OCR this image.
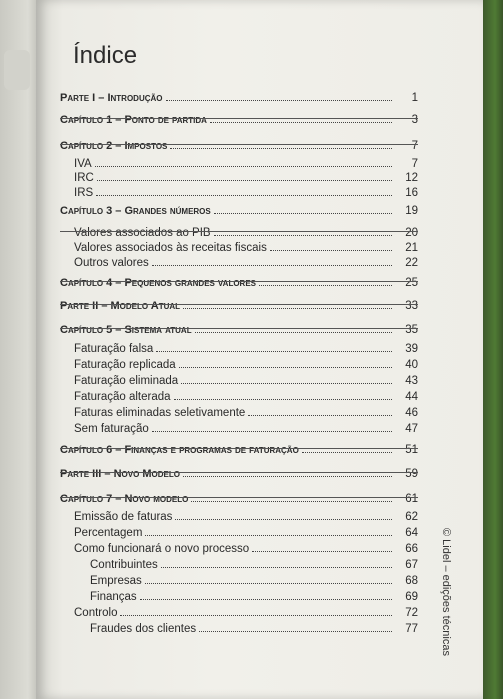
Índice
Parte I – Introdução	1
Capítulo 1 – Ponto de partida	3
Capítulo 2 – Impostos	7
IVA	7
IRC	12
IRS	16
Capítulo 3 – Grandes números	19
Valores associados ao PIB	20
Valores associados às receitas fiscais	21
Outros valores	22
Capítulo 4 – Pequenos grandes valores	25
Parte II – Modelo Atual	33
Capítulo 5 – Sistema atual	35
Faturação falsa	39
Faturação replicada	40
Faturação eliminada	43
Faturação alterada	44
Faturas eliminadas seletivamente	46
Sem faturação	47
Capítulo 6 – Finanças e programas de faturação	51
Parte III – Novo Modelo	59
Capítulo 7 – Novo modelo	61
Emissão de faturas	62
Percentagem	64
Como funcionará o novo processo	66
Contribuintes	67
Empresas	68
Finanças	69
Controlo	72
Fraudes dos clientes	77 © Lidel – edições técnicas
